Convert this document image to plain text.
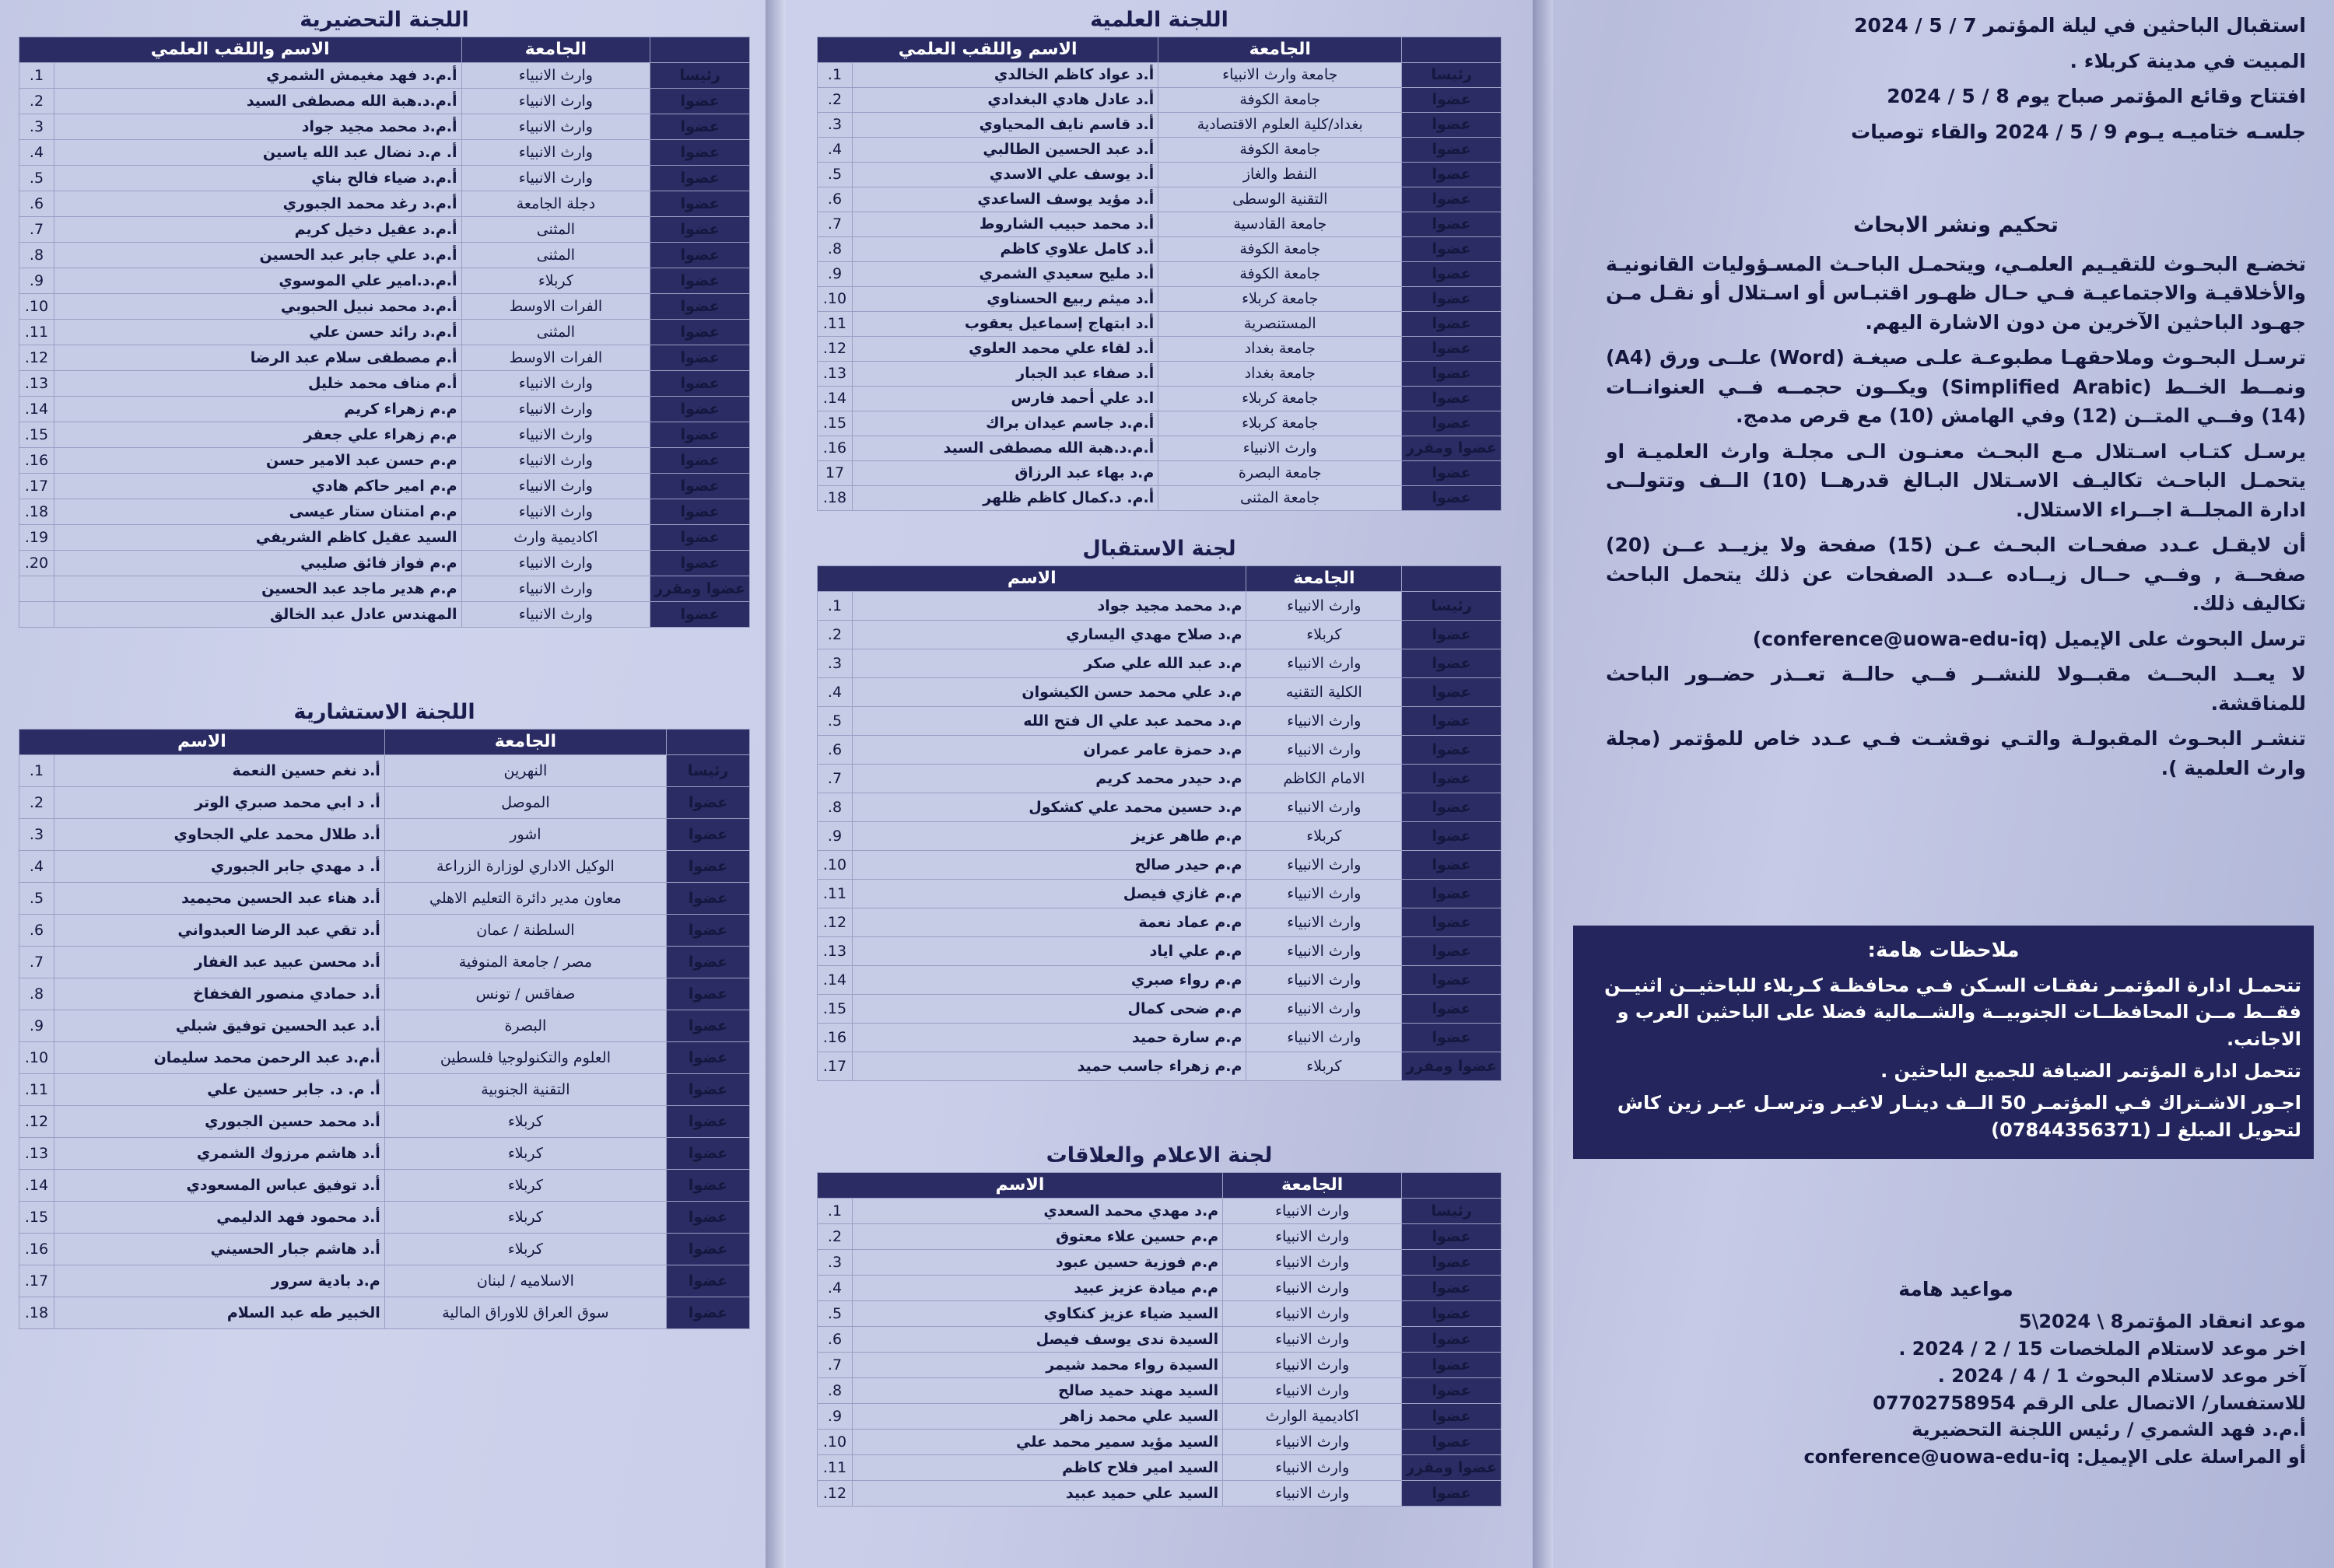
استقبال الباحثين في ليلة المؤتمر 7 / 5 / 2024
المبيت في مدينة كربلاء .
افتتاح وقائع المؤتمر صباح يوم 8 / 5 / 2024
جلسـه ختاميـه يـوم 9 / 5 / 2024 والقاء توصيات
تحكيم ونشر الابحاث
تخضـع البحـوث للتقيـيم العلمـي، ويتحمـل الباحـث المسـؤوليات القانونيـة والأخلاقيـة والاجتماعيـة فـي حـال ظهـور اقتبـاس أو اسـتلال أو نقـل مـن جهـود الباحثين الآخرين من دون الاشارة اليهم.
ترسـل البحـوث وملاحقهـا مطبوعـة علـى صيغـة (Word) علــى ورق (A4) ونمــط الخــط (Simplified Arabic) ويكــون حجمــه فــي العنوانــات (14) وفــي المتــن (12) وفي الهامش (10) مع قرص مدمج.
يرسـل كتـاب اسـتلال مـع البحـث معنـون الـى مجلـة وارث العلميـة او يتحمـل الباحـث تكاليـف الاسـتلال البـالغ قدرهــا (10) الــف وتتولــى ادارة المجلــة اجــراء الاستلال.
أن لايقـل عـدد صفحـات البحـث عـن (15) صفحة ولا يزيــد عــن (20) صفحــة , وفــي حــال زيــاده عــدد الصفحات عن ذلك يتحمل الباحث تكاليف ذلك.
ترسل البحوث على الإيميل (conference@uowa-edu-iq)
لا يعــد البحــث مقبــولا للنشــر فــي حالــة تعــذر حضــور الباحث للمناقشة.
تنشـر البحـوث المقبولـة والتـي نوقشـت فـي عـدد خاص للمؤتمر (مجلة وارث العلمية ).
ملاحظات هامة:
تتحمـل ادارة المؤتمـر نفقـات السـكن فـي محافظـة كـربلاء للباحثيــن اثنيــن فقــط مــن المحافظــات الجنوبيــة والشــمالية فضلا على الباحثين العرب و الاجانب.
تتحمل ادارة المؤتمر الضيافة للجميع الباحثين .
اجـور الاشـتراك فـي المؤتمـر 50 الــف دينـار لاغيـر وترسـل عبـر زين كاش لتحويل المبلغ لـ (07844356371)
مواعيد هامة
موعد انعقاد المؤتمر8 \ 2024\5
اخر موعد لاستلام الملخصات 15 / 2 / 2024 .
آخر موعد لاستلام البحوث 1 / 4 / 2024 .
للاستفسار/ الاتصال على الرقم 07702758954
أ.م.د فهد الشمري / رئيس اللجنة التحضيرية
أو المراسلة على الإيميل: conference@uowa-edu-iq
اللجنة العلمية
	الجامعة	الاسم واللقب العلمي	
رئيسا	جامعة وارث الانبياء	أ.د عواد كاظم الخالدي	1.
عضوا	جامعة الكوفة	أ.د عادل هادي البغدادي	2.
عضوا	بغداد/كلية العلوم الاقتصادية	أ.د قاسم نايف المحياوي	3.
عضوا	جامعة الكوفة	أ.د عبد الحسين الطالبي	4.
عضوا	النفط والغاز	أ.د يوسف علي الاسدي	5.
عضوا	التقنية الوسطى	أ.د مؤيد يوسف الساعدي	6.
عضوا	جامعة القادسية	أ.د محمد حبيب الشاروط	7.
عضوا	جامعة الكوفة	أ.د كامل علاوي كاظم	8.
عضوا	جامعة الكوفة	أ.د مليح سعيدي الشمري	9.
عضوا	جامعة كربلاء	أ.د ميثم ربيع الحسناوي	10.
عضوا	المستنصرية	أ.د ابتهاج إسماعيل يعقوب	11.
عضوا	جامعة بغداد	أ.د لقاء علي محمد العلوي	12.
عضوا	جامعة بغداد	أ.د صفاء عبد الجبار	13.
عضوا	جامعة كربلاء	ا.د علي أحمد فارس	14.
عضوا	جامعة كربلاء	أ.م.د جاسم عيدان براك	15.
عضوا ومقرر	وارث الانبياء	أ.م.د.هبة الله مصطفى السيد	16.
عضوا	جامعة البصرة	م.د بهاء عبد الرزاق	17
عضوا	جامعة المثنى	أ.م. د.كمال كاظم ظلهر	18.
لجنة الاستقبال
	الجامعة	الاسم	
رئيسا	وارث الانبياء	م.د محمد مجيد جواد	1.
عضوا	كربلاء	م.د صلاح مهدي اليساري	2.
عضوا	وارث الانبياء	م.د عبد الله علي صكر	3.
عضوا	الكلية التقنيه	م.د علي محمد حسن الكيشوان	4.
عضوا	وارث الانبياء	م.د محمد عبد علي ال فتح الله	5.
عضوا	وارث الانبياء	م.د حمزة عامر عمران	6.
عضوا	الامام الكاظم	م.د حيدر محمد كريم	7.
عضوا	وارث الانبياء	م.د حسين محمد علي كشكول	8.
عضوا	كربلاء	م.م طاهر عزيز	9.
عضوا	وارث الانبياء	م.م حيدر صالح	10.
عضوا	وارث الانبياء	م.م غازي فيصل	11.
عضوا	وارث الانبياء	م.م عماد نعمة	12.
عضوا	وارث الانبياء	م.م علي اياد	13.
عضوا	وارث الانبياء	م.م رواء صبري	14.
عضوا	وارث الانبياء	م.م ضحى كمال	15.
عضوا	وارث الانبياء	م.م سارة حميد	16.
عضوا ومقرر	كربلاء	م.م زهراء جاسب حميد	17.
لجنة الاعلام والعلاقات
	الجامعة	الاسم	
رئيسا	وارث الانبياء	م.د مهدي محمد السعدي	1.
عضوا	وارث الانبياء	م.م حسين علاء معتوق	2.
عضوا	وارث الانبياء	م.م فوزية حسين عبود	3.
عضوا	وارث الانبياء	م.م ميادة عزيز عبيد	4.
عضوا	وارث الانبياء	السيد ضياء عزيز كنكاوي	5.
عضوا	وارث الانبياء	السيدة ندى يوسف فيصل	6.
عضوا	وارث الانبياء	السيدة رواء محمد شيمر	7.
عضوا	وارث الانبياء	السيد مهند حميد صالح	8.
عضوا	اكاديمية الوارث	السيد علي محمد زاهر	9.
عضوا	وارث الانبياء	السيد مؤيد سمير محمد علي	10.
عضوا ومقرر	وارث الانبياء	السيد امير فلاح كاظم	11.
عضوا	وارث الانبياء	السيد علي حميد عبيد	12.
اللجنة التحضيرية
	الجامعة	الاسم واللقب العلمي	
رئيسا	وارث الانبياء	أ.م.د فهد مغيمش الشمري	1.
عضوا	وارث الانبياء	أ.م.د.هبة الله مصطفى السيد	2.
عضوا	وارث الانبياء	أ.م.د محمد مجيد جواد	3.
عضوا	وارث الانبياء	أ. م.د نضال عبد الله ياسين	4.
عضوا	وارث الانبياء	أ.م.د ضياء فالح بناي	5.
عضوا	دجلة الجامعة	أ.م.د رغد محمد الجبوري	6.
عضوا	المثنى	أ.م.د عقيل دخيل كريم	7.
عضوا	المثنى	أ.م.د علي جابر عبد الحسين	8.
عضوا	كربلاء	أ.م.د.امير علي الموسوي	9.
عضوا	الفرات الاوسط	أ.م.د محمد نبيل الحبوبي	10.
عضوا	المثنى	أ.م.د رائد حسن علي	11.
عضوا	الفرات الاوسط	أ.م مصطفى سلام عبد الرضا	12.
عضوا	وارث الانبياء	أ.م مناف محمد خليل	13.
عضوا	وارث الانبياء	م.م زهراء كريم	14.
عضوا	وارث الانبياء	م.م زهراء علي جعفر	15.
عضوا	وارث الانبياء	م.م حسن عبد الامير حسن	16.
عضوا	وارث الانبياء	م.م امير حاكم هادي	17.
عضوا	وارث الانبياء	م.م امتنان ستار عيسى	18.
عضوا	اكاديمية وارث	السيد عقيل كاظم الشريفي	19.
عضوا	وارث الانبياء	م.م فواز فائق صليبي	20.
عضوا ومقرر	وارث الانبياء	م.م هدير ماجد عبد الحسين	
عضوا	وارث الانبياء	المهندس عادل عبد الخالق	
اللجنة الاستشارية
	الجامعة	الاسم	
رئيسا	النهرين	أ.د نغم حسين النعمة	1.
عضوا	الموصل	أ. د ابي محمد صبري الوتر	2.
عضوا	اشور	أ.د طلال محمد علي الجحاوي	3.
عضوا	الوكيل الاداري لوزارة الزراعة	أ. د مهدي جابر الجبوري	4.
عضوا	معاون مدير دائرة التعليم الاهلي	أ.د هناء عبد الحسين محيميد	5.
عضوا	السلطنة / عمان	أ.د تقي عبد الرضا العبدواني	6.
عضوا	مصر / جامعة المنوفية	أ.د محسن عبيد عبد الغفار	7.
عضوا	صفاقس / تونس	أ.د حمادي منصور الفخفاخ	8.
عضوا	البصرة	أ.د عبد الحسين توفيق شبلي	9.
عضوا	العلوم والتكنولوجيا فلسطين	أ.م.د عبد الرحمن محمد سليمان	10.
عضوا	التقنية الجنوبية	أ. م. د. جابر حسين علي	11.
عضوا	كربلاء	أ.د محمد حسين الجبوري	12.
عضوا	كربلاء	أ.د هاشم مرزوك الشمري	13.
عضوا	كربلاء	أ.د توفيق عباس المسعودي	14.
عضوا	كربلاء	أ.د محمود فهد الدليمي	15.
عضوا	كربلاء	أ.د هاشم جبار الحسيني	16.
عضوا	الاسلاميه / لبنان	م.د بادية سرور	17.
عضوا	سوق العراق للاوراق المالية	الخبير طه عبد السلام	18.
